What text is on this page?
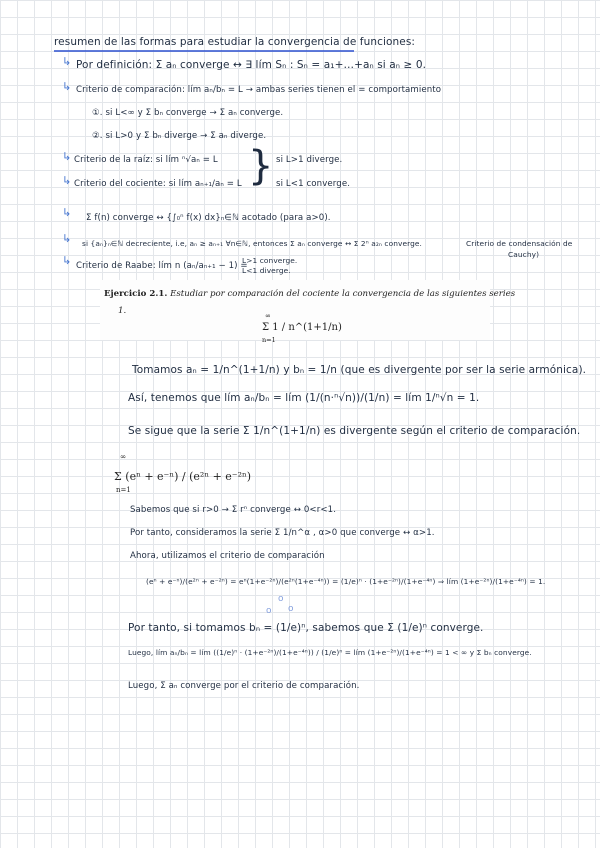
resumen de las formas para estudiar la convergencia de funciones:
↳ Por definición: Σ aₙ converge ↔ ∃ lím Sₙ : Sₙ = a₁+…+aₙ si aₙ ≥ 0.
↳ Criterio de comparación: lím aₙ/bₙ = L → ambas series tienen el = comportamiento
①. si L<∞ y Σ bₙ converge → Σ aₙ converge.
②. si L>0 y Σ bₙ diverge → Σ aₙ diverge.
↳ Criterio de la raíz: si lím ⁿ√aₙ = L
↳ Criterio del cociente: si lím aₙ₊₁/aₙ = L } si L>1 diverge.
si L<1 converge.
↳ Σ f(n) converge ↔ {∫₀ⁿ f(x) dx}ₙ∈ℕ acotado (para a>0).
↳ si {aₙ}ₙ∈ℕ decreciente, i.e, aₙ ≥ aₙ₊₁ ∀n∈ℕ, entonces Σ aₙ converge ↔ Σ 2ⁿ a₂ₙ converge.	Criterio de condensación de
Cauchy)
↳ Criterio de Raabe: lím n (aₙ/aₙ₊₁ − 1) =
L>1 converge.
L<1 diverge.
Ejercicio 2.1. Estudiar por comparación del cociente la convergencia de las siguientes series
1.	∞
Σ 1 / n^(1+1/n)
n=1
Tomamos aₙ = 1/n^(1+1/n) y bₙ = 1/n (que es divergente por ser la serie armónica).
Así, tenemos que lím aₙ/bₙ = lím (1/(n·ⁿ√n))/(1/n) = lím 1/ⁿ√n = 1.
Se sigue que la serie Σ 1/n^(1+1/n) es divergente según el criterio de comparación.
∞
Σ (eⁿ + e⁻ⁿ) / (e²ⁿ + e⁻²ⁿ)
n=1
Sabemos que si r>0 → Σ rⁿ converge ↔ 0<r<1.
Por tanto, consideramos la serie Σ 1/n^α , α>0 que converge ↔ α>1.
Ahora, utilizamos el criterio de comparación
(eⁿ + e⁻ⁿ)/(e²ⁿ + e⁻²ⁿ) = eⁿ(1+e⁻²ⁿ)/(e²ⁿ(1+e⁻⁴ⁿ)) = (1/e)ⁿ · (1+e⁻²ⁿ)/(1+e⁻⁴ⁿ) ⇒ lím (1+e⁻²ⁿ)/(1+e⁻⁴ⁿ) = 1.
o
o
o
Por tanto, si tomamos bₙ = (1/e)ⁿ, sabemos que Σ (1/e)ⁿ converge.
Luego, lím aₙ/bₙ = lím ((1/e)ⁿ · (1+e⁻²ⁿ)/(1+e⁻⁴ⁿ)) / (1/e)ⁿ = lím (1+e⁻²ⁿ)/(1+e⁻⁴ⁿ) = 1 < ∞ y Σ bₙ converge.
Luego, Σ aₙ converge por el criterio de comparación.
